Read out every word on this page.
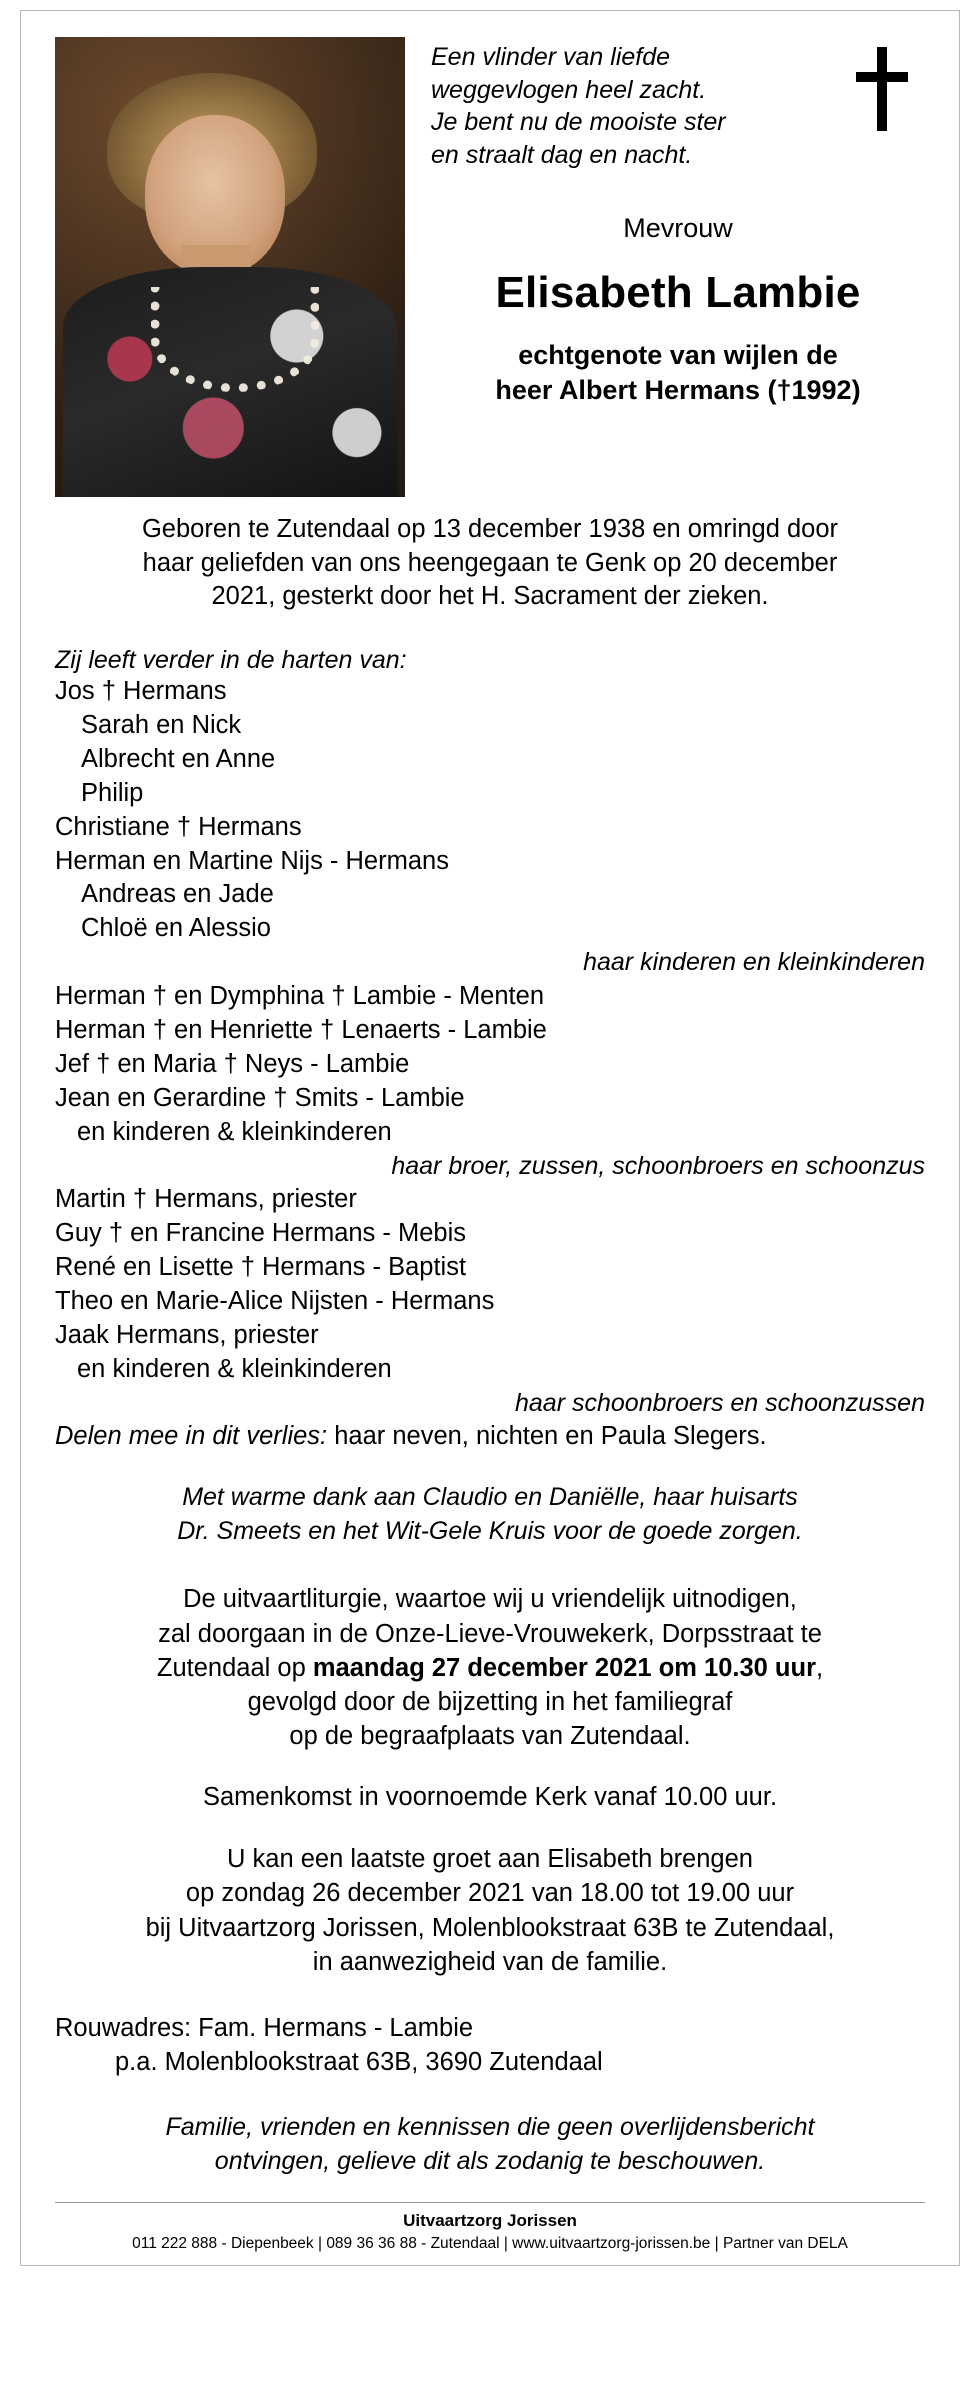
Een vlinder van liefde
weggevlogen heel zacht.
Je bent nu de mooiste ster
en straalt dag en nacht.
Mevrouw
Elisabeth Lambie
echtgenote van wijlen de
heer Albert Hermans (†1992)
Geboren te Zutendaal op 13 december 1938 en omringd door
haar geliefden van ons heengegaan te Genk op 20 december
2021, gesterkt door het H. Sacrament der zieken.
Zij leeft verder in de harten van:
Jos † Hermans
Sarah en Nick
Albrecht en Anne
Philip
Christiane † Hermans
Herman en Martine Nijs - Hermans
Andreas en Jade
Chloë en Alessio
haar kinderen en kleinkinderen
Herman † en Dymphina † Lambie - Menten
Herman † en Henriette † Lenaerts - Lambie
Jef † en Maria † Neys - Lambie
Jean en Gerardine † Smits - Lambie
en kinderen & kleinkinderen
haar broer, zussen, schoonbroers en schoonzus
Martin † Hermans, priester
Guy † en Francine Hermans - Mebis
René en Lisette † Hermans - Baptist
Theo en Marie-Alice Nijsten - Hermans
Jaak Hermans, priester
en kinderen & kleinkinderen
haar schoonbroers en schoonzussen
Delen mee in dit verlies: haar neven, nichten en Paula Slegers.
Met warme dank aan Claudio en Daniëlle, haar huisarts
Dr. Smeets en het Wit-Gele Kruis voor de goede zorgen.
De uitvaartliturgie, waartoe wij u vriendelijk uitnodigen,
zal doorgaan in de Onze-Lieve-Vrouwekerk, Dorpsstraat te
Zutendaal op maandag 27 december 2021 om 10.30 uur,
gevolgd door de bijzetting in het familiegraf
op de begraafplaats van Zutendaal.
Samenkomst in voornoemde Kerk vanaf 10.00 uur.
U kan een laatste groet aan Elisabeth brengen
op zondag 26 december 2021 van 18.00 tot 19.00 uur
bij Uitvaartzorg Jorissen, Molenblookstraat 63B te Zutendaal,
in aanwezigheid van de familie.
Rouwadres: Fam. Hermans - Lambie
p.a. Molenblookstraat 63B, 3690 Zutendaal
Familie, vrienden en kennissen die geen overlijdensbericht
ontvingen, gelieve dit als zodanig te beschouwen.
Uitvaartzorg Jorissen
011 222 888 - Diepenbeek | 089 36 36 88 - Zutendaal | www.uitvaartzorg-jorissen.be | Partner van DELA
